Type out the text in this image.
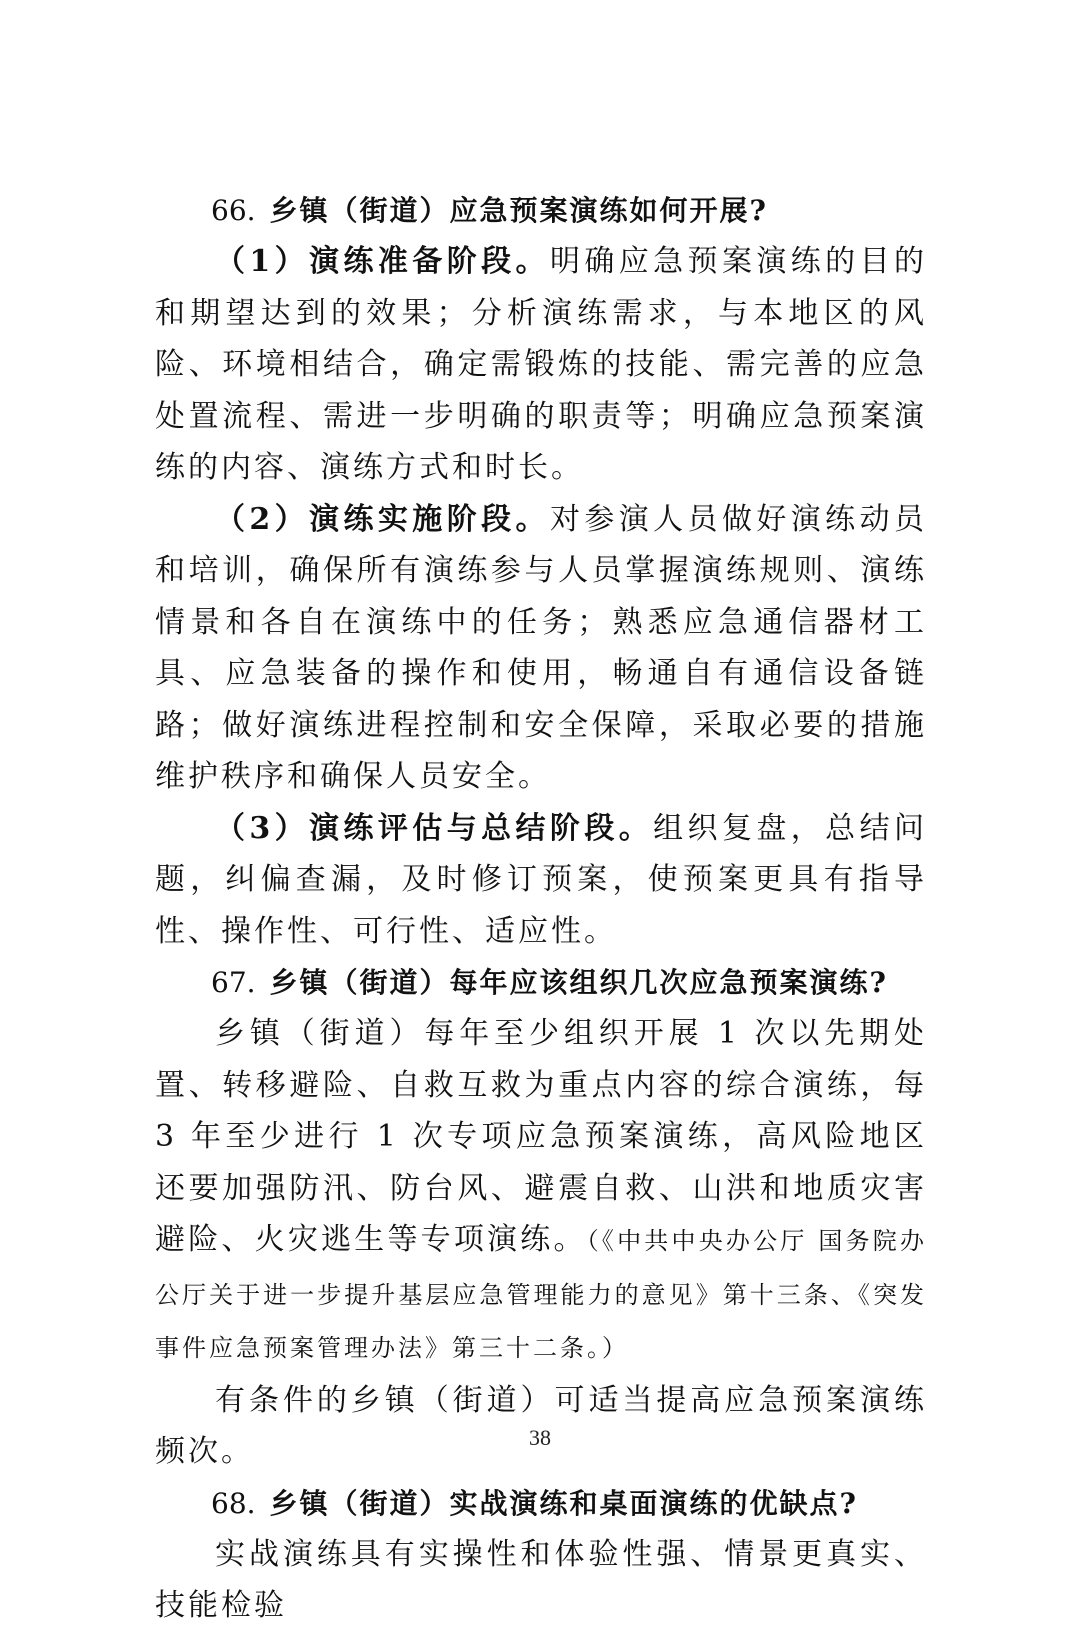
66. 乡镇（街道）应急预案演练如何开展?

（1）演练准备阶段。明确应急预案演练的目的和期望达到的效果；分析演练需求，与本地区的风险、环境相结合，确定需锻炼的技能、需完善的应急处置流程、需进一步明确的职责等；明确应急预案演练的内容、演练方式和时长。

（2）演练实施阶段。对参演人员做好演练动员和培训，确保所有演练参与人员掌握演练规则、演练情景和各自在演练中的任务；熟悉应急通信器材工具、应急装备的操作和使用，畅通自有通信设备链路；做好演练进程控制和安全保障，采取必要的措施维护秩序和确保人员安全。

（3）演练评估与总结阶段。组织复盘，总结问题，纠偏查漏，及时修订预案，使预案更具有指导性、操作性、可行性、适应性。

67. 乡镇（街道）每年应该组织几次应急预案演练?

乡镇（街道）每年至少组织开展 1 次以先期处置、转移避险、自救互救为重点内容的综合演练，每 3 年至少进行 1 次专项应急预案演练，高风险地区还要加强防汛、防台风、避震自救、山洪和地质灾害避险、火灾逃生等专项演练。（《中共中央办公厅 国务院办公厅关于进一步提升基层应急管理能力的意见》第十三条、《突发事件应急预案管理办法》第三十二条。）

有条件的乡镇（街道）可适当提高应急预案演练频次。

68. 乡镇（街道）实战演练和桌面演练的优缺点?

实战演练具有实操性和体验性强、情景更真实、技能检验

38
